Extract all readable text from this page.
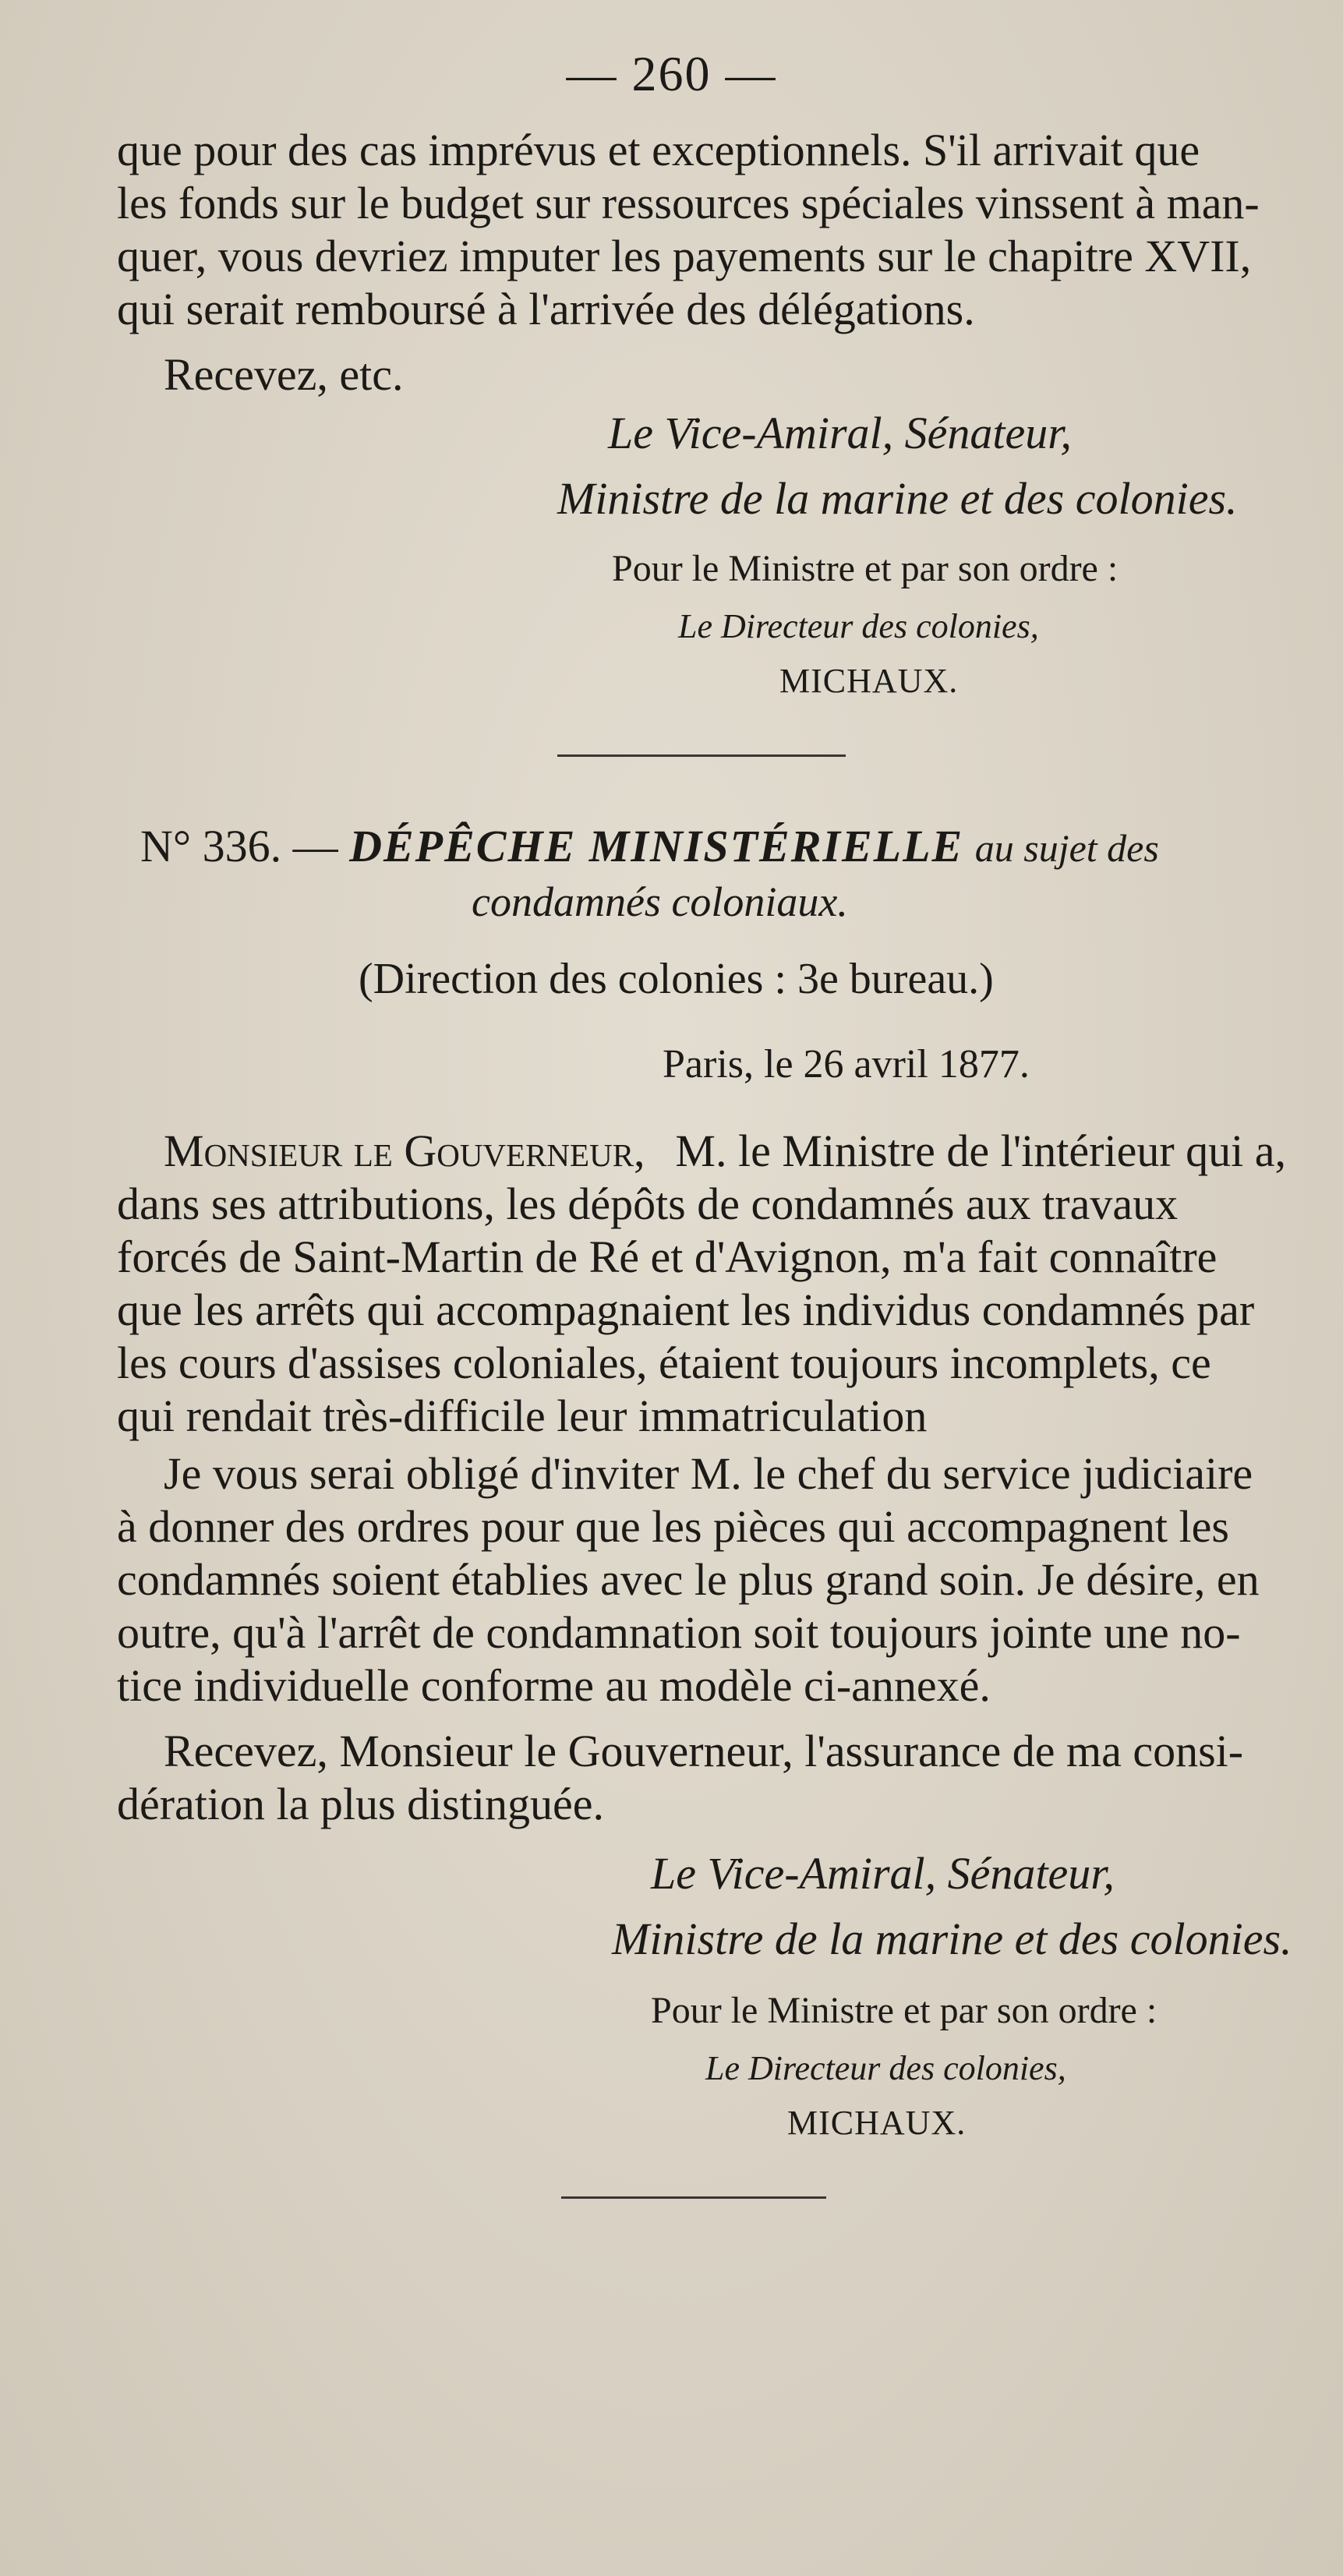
— 260 —
que pour des cas imprévus et exceptionnels. S'il arrivait que
les fonds sur le budget sur ressources spéciales vinssent à man-
quer, vous devriez imputer les payements sur le chapitre XVII,
qui serait remboursé à l'arrivée des délégations.
Recevez, etc.
Le Vice-Amiral, Sénateur,
Ministre de la marine et des colonies.
Pour le Ministre et par son ordre :
Le Directeur des colonies,
MICHAUX.
N° 336. — DÉPÊCHE MINISTÉRIELLE au sujet des
condamnés coloniaux.
(Direction des colonies : 3e bureau.)
Paris, le 26 avril 1877.
Monsieur le Gouverneur, M. le Ministre de l'intérieur qui a,
dans ses attributions, les dépôts de condamnés aux travaux
forcés de Saint-Martin de Ré et d'Avignon, m'a fait connaître
que les arrêts qui accompagnaient les individus condamnés par
les cours d'assises coloniales, étaient toujours incomplets, ce
qui rendait très-difficile leur immatriculation
Je vous serai obligé d'inviter M. le chef du service judiciaire
à donner des ordres pour que les pièces qui accompagnent les
condamnés soient établies avec le plus grand soin. Je désire, en
outre, qu'à l'arrêt de condamnation soit toujours jointe une no-
tice individuelle conforme au modèle ci-annexé.
Recevez, Monsieur le Gouverneur, l'assurance de ma consi-
dération la plus distinguée.
Le Vice-Amiral, Sénateur,
Ministre de la marine et des colonies.
Pour le Ministre et par son ordre :
Le Directeur des colonies,
MICHAUX.
